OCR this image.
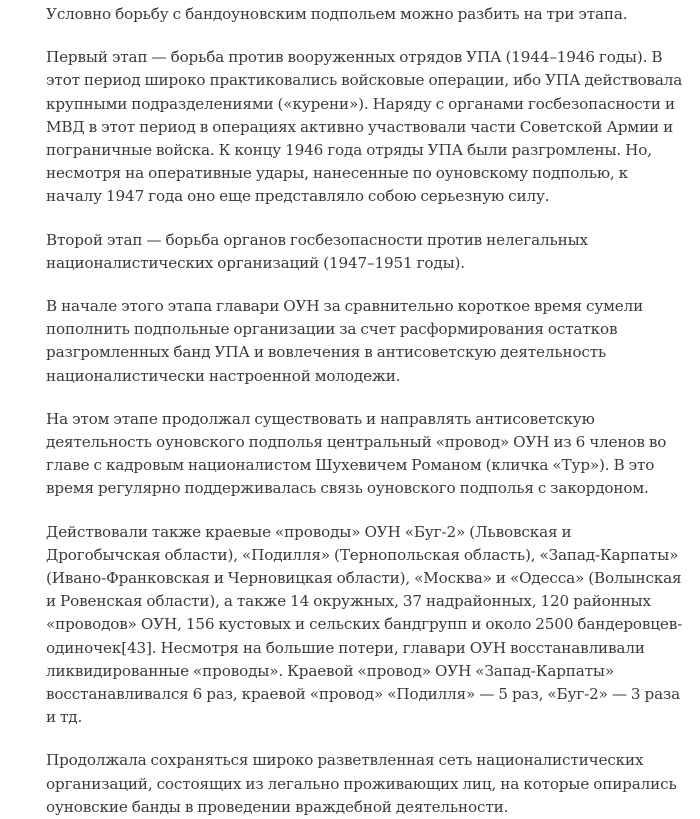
Условно борьбу с бандоуновским подпольем можно разбить на три этапа.

Первый этап — борьба против вооруженных отрядов УПА (1944–1946 годы). В этот период широко практиковались войсковые операции, ибо УПА действовала крупными подразделениями («курени»). Наряду с органами госбезопасности и МВД в этот период в операциях активно участвовали части Советской Армии и пограничные войска. К концу 1946 года отряды УПА были разгромлены. Но, несмотря на оперативные удары, нанесенные по оуновскому подполью, к началу 1947 года оно еще представляло собою серьезную силу.

Второй этап — борьба органов госбезопасности против нелегальных националистических организаций (1947–1951 годы).

В начале этого этапа главари ОУН за сравнительно короткое время сумели пополнить подпольные организации за счет расформирования остатков разгромленных банд УПА и вовлечения в антисоветскую деятельность националистически настроенной молодежи.

На этом этапе продолжал существовать и направлять антисоветскую деятельность оуновского подполья центральный «провод» ОУН из 6 членов во главе с кадровым националистом Шухевичем Романом (кличка «Тур»). В это время регулярно поддерживалась связь оуновского подполья с закордоном.

Действовали также краевые «проводы» ОУН «Буг-2» (Львовская и Дрогобычская области), «Подилля» (Тернопольская область), «Запад-Карпаты» (Ивано-Франковская и Черновицкая области), «Москва» и «Одесса» (Волынская и Ровенская области), а также 14 окружных, 37 надрайонных, 120 районных «проводов» ОУН, 156 кустовых и сельских бандгрупп и около 2500 бандеровцев-одиночек[43]. Несмотря на большие потери, главари ОУН восстанавливали ликвидированные «проводы». Краевой «провод» ОУН «Запад-Карпаты» восстанавливался 6 раз, краевой «провод» «Подилля» — 5 раз, «Буг-2» — 3 раза и тд.

Продолжала сохраняться широко разветвленная сеть националистических организаций, состоящих из легально проживающих лиц, на которые опирались оуновские банды в проведении враждебной деятельности.
